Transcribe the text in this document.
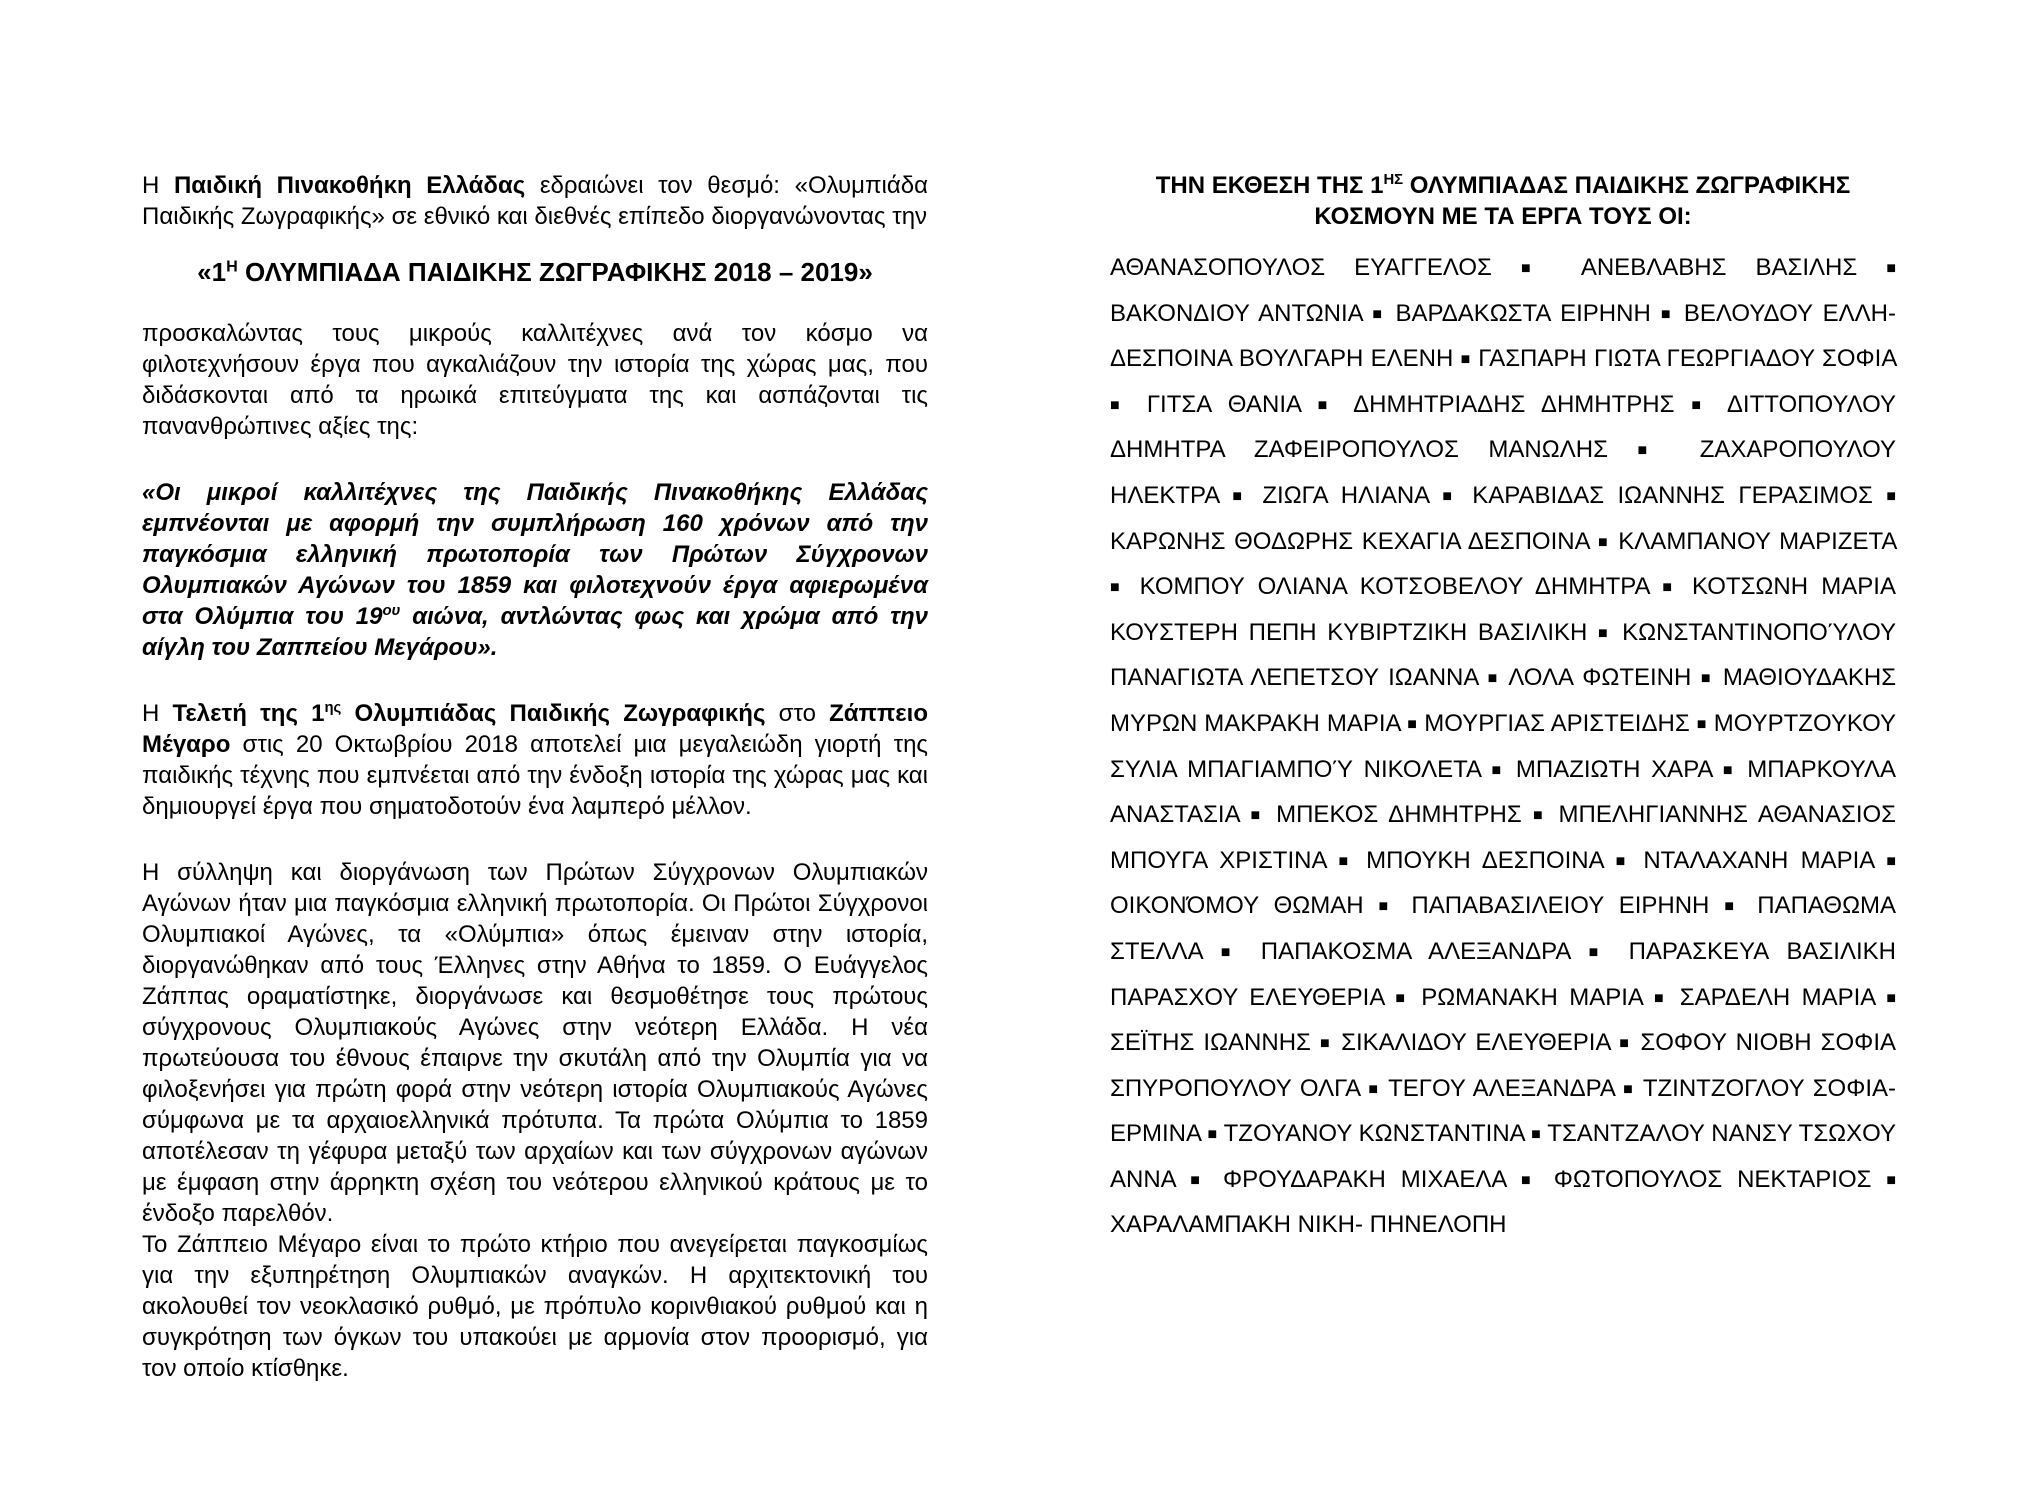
Η Παιδική Πινακοθήκη Ελλάδας εδραιώνει τον θεσμό: «Ολυμπιάδα Παιδικής Ζωγραφικής» σε εθνικό και διεθνές επίπεδο διοργανώνοντας την

«$1^H$ ΟΛΥΜΠΙΑΔΑ ΠΑΙΔΙΚΗΣ ΖΩΓΡΑΦΙΚΗΣ 2018 – 2019»

προσκαλώντας τους μικρούς καλλιτέχνες ανά τον κόσμο να φιλοτεχνήσουν έργα που αγκαλιάζουν την ιστορία της χώρας μας, που διδάσκονται από τα ηρωικά επιτεύγματα της και ασπάζονται τις πανανθρώπινες αξίες της:

«Οι μικροί καλλιτέχνες της Παιδικής Πινακοθήκης Ελλάδας εμπνέονται με αφορμή την συμπλήρωση 160 χρόνων από την παγκόσμια ελληνική πρωτοπορία των Πρώτων Σύγχρονων Ολυμπιακών Αγώνων του 1859 και φιλοτεχνούν έργα αφιερωμένα στα Ολύμπια του $19^{o\upsilon}$ αιώνα, αντλώντας φως και χρώμα από την αίγλη του Ζαππείου Μεγάρου».

Η Τελετή της $1^{\eta\varsigma}$ Ολυμπιάδας Παιδικής Ζωγραφικής στο Ζάππειο Μέγαρο στις 20 Οκτωβρίου 2018 αποτελεί μια μεγαλειώδη γιορτή της παιδικής τέχνης που εμπνέεται από την ένδοξη ιστορία της χώρας μας και δημιουργεί έργα που σηματοδοτούν ένα λαμπερό μέλλον.

Η σύλληψη και διοργάνωση των Πρώτων Σύγχρονων Ολυμπιακών Αγώνων ήταν μια παγκόσμια ελληνική πρωτοπορία. Οι Πρώτοι Σύγχρονοι Ολυμπιακοί Αγώνες, τα «Ολύμπια» όπως έμειναν στην ιστορία, διοργανώθηκαν από τους Έλληνες στην Αθήνα το 1859. Ο Ευάγγελος Ζάππας οραματίστηκε, διοργάνωσε και θεσμοθέτησε τους πρώτους σύγχρονους Ολυμπιακούς Αγώνες στην νεότερη Ελλάδα. Η νέα πρωτεύουσα του έθνους έπαιρνε την σκυτάλη από την Ολυμπία για να φιλοξενήσει για πρώτη φορά στην νεότερη ιστορία Ολυμπιακούς Αγώνες σύμφωνα με τα αρχαιοελληνικά πρότυπα. Τα πρώτα Ολύμπια το 1859 αποτέλεσαν τη γέφυρα μεταξύ των αρχαίων και των σύγχρονων αγώνων με έμφαση στην άρρηκτη σχέση του νεότερου ελληνικού κράτους με το ένδοξο παρελθόν.

Το Ζάππειο Μέγαρο είναι το πρώτο κτήριο που ανεγείρεται παγκοσμίως για την εξυπηρέτηση Ολυμπιακών αναγκών. Η αρχιτεκτονική του ακολουθεί τον νεοκλασικό ρυθμό, με πρόπυλο κορινθιακού ρυθμού και η συγκρότηση των όγκων του υπακούει με αρμονία στον προορισμό, για τον οποίο κτίσθηκε.

ΤΗΝ ΕΚΘΕΣΗ ΤΗΣ $1^{H\Sigma}$ ΟΛΥΜΠΙΑΔΑΣ ΠΑΙΔΙΚΗΣ ΖΩΓΡΑΦΙΚΗΣ
ΚΟΣΜΟΥΝ ΜΕ ΤΑ ΕΡΓΑ ΤΟΥΣ ΟΙ:

ΑΘΑΝΑΣΟΠΟΥΛΟΣ ΕΥΑΓΓΕΛΟΣ ■ ΑΝΕΒΛΑΒΗΣ ΒΑΣΙΛΗΣ ■ ΒΑΚΟΝΔΙΟΥ ΑΝΤΩΝΙΑ ■ ΒΑΡΔΑΚΩΣΤΑ ΕΙΡΗΝΗ ■ ΒΕΛΟΥΔΟΥ ΕΛΛΗ-ΔΕΣΠΟΙΝΑ ΒΟΥΛΓΑΡΗ ΕΛΕΝΗ ■ ΓΑΣΠΑΡΗ ΓΙΩΤΑ ΓΕΩΡΓΙΑΔΟΥ ΣΟΦΙΑ ■ ΓΙΤΣΑ ΘΑΝΙΑ ■ ΔΗΜΗΤΡΙΑΔΗΣ ΔΗΜΗΤΡΗΣ ■ ΔΙΤΤΟΠΟΥΛΟΥ ΔΗΜΗΤΡΑ ΖΑΦΕΙΡΟΠΟΥΛΟΣ ΜΑΝΩΛΗΣ ■ ΖΑΧΑΡΟΠΟΥΛΟΥ ΗΛΕΚΤΡΑ ■ ΖΙΩΓΑ ΗΛΙΑΝΑ ■ ΚΑΡΑΒΙΔΑΣ ΙΩΑΝΝΗΣ ΓΕΡΑΣΙΜΟΣ ■ ΚΑΡΩΝΗΣ ΘΟΔΩΡΗΣ ΚΕΧΑΓΙΑ ΔΕΣΠΟΙΝΑ ■ ΚΛΑΜΠΑΝΟΥ ΜΑΡΙΖΕΤΑ ■ ΚΟΜΠΟΥ ΟΛΙΑΝΑ ΚΟΤΣΟΒΕΛΟΥ ΔΗΜΗΤΡΑ ■ ΚΟΤΣΩΝΗ ΜΑΡΙΑ ΚΟΥΣΤΕΡΗ ΠΕΠΗ ΚΥΒΙΡΤΖΙΚΗ ΒΑΣΙΛΙΚΗ ■ ΚΩΝΣΤΑΝΤΙΝΟΠΟΎΛΟΥ ΠΑΝΑΓΙΩΤΑ ΛΕΠΕΤΣΟΥ ΙΩΑΝΝΑ ■ ΛΟΛΑ ΦΩΤΕΙΝΗ ■ ΜΑΘΙΟΥΔΑΚΗΣ ΜΥΡΩΝ ΜΑΚΡΑΚΗ ΜΑΡΙΑ ■ ΜΟΥΡΓΙΑΣ ΑΡΙΣΤΕΙΔΗΣ ■ ΜΟΥΡΤΖΟΥΚΟΥ ΣΥΛΙΑ ΜΠΑΓΙΑΜΠΟΎ ΝΙΚΟΛΕΤΑ ■ ΜΠΑΖΙΩΤΗ ΧΑΡΑ ■ ΜΠΑΡΚΟΥΛΑ ΑΝΑΣΤΑΣΙΑ ■ ΜΠΕΚΟΣ ΔΗΜΗΤΡΗΣ ■ ΜΠΕΛΗΓΙΑΝΝΗΣ ΑΘΑΝΑΣΙΟΣ ΜΠΟΥΓΑ ΧΡΙΣΤΙΝΑ ■ ΜΠΟΥΚΗ ΔΕΣΠΟΙΝΑ ■ ΝΤΑΛΑΧΑΝΗ ΜΑΡΙΑ ■ ΟΙΚΟΝΌΜΟΥ ΘΩΜΑΗ ■ ΠΑΠΑΒΑΣΙΛΕΙΟΥ ΕΙΡΗΝΗ ■ ΠΑΠΑΘΩΜΑ ΣΤΕΛΛΑ ■ ΠΑΠΑΚΟΣΜΑ ΑΛΕΞΑΝΔΡΑ ■ ΠΑΡΑΣΚΕΥΑ ΒΑΣΙΛΙΚΗ ΠΑΡΑΣΧΟΥ ΕΛΕΥΘΕΡΙΑ ■ ΡΩΜΑΝΑΚΗ ΜΑΡΙΑ ■ ΣΑΡΔΕΛΗ ΜΑΡΙΑ ■ ΣΕΪΤΗΣ ΙΩΑΝΝΗΣ ■ ΣΙΚΑΛΙΔΟΥ ΕΛΕΥΘΕΡΙΑ ■ ΣΟΦΟΥ ΝΙΟΒΗ ΣΟΦΙΑ ΣΠΥΡΟΠΟΥΛΟΥ ΟΛΓΑ ■ ΤΕΓΟΥ ΑΛΕΞΑΝΔΡΑ ■ ΤΖΙΝΤΖΟΓΛΟΥ ΣΟΦΙΑ-ΕΡΜΙΝΑ ■ ΤΖΟΥΑΝΟΥ ΚΩΝΣΤΑΝΤΙΝΑ ■ ΤΣΑΝΤΖΑΛΟΥ ΝΑΝΣΥ ΤΣΩΧΟΥ ΑΝΝΑ ■ ΦΡΟΥΔΑΡΑΚΗ ΜΙΧΑΕΛΑ ■ ΦΩΤΟΠΟΥΛΟΣ ΝΕΚΤΑΡΙΟΣ ■ ΧΑΡΑΛΑΜΠΑΚΗ ΝΙΚΗ- ΠΗΝΕΛΟΠΗ
